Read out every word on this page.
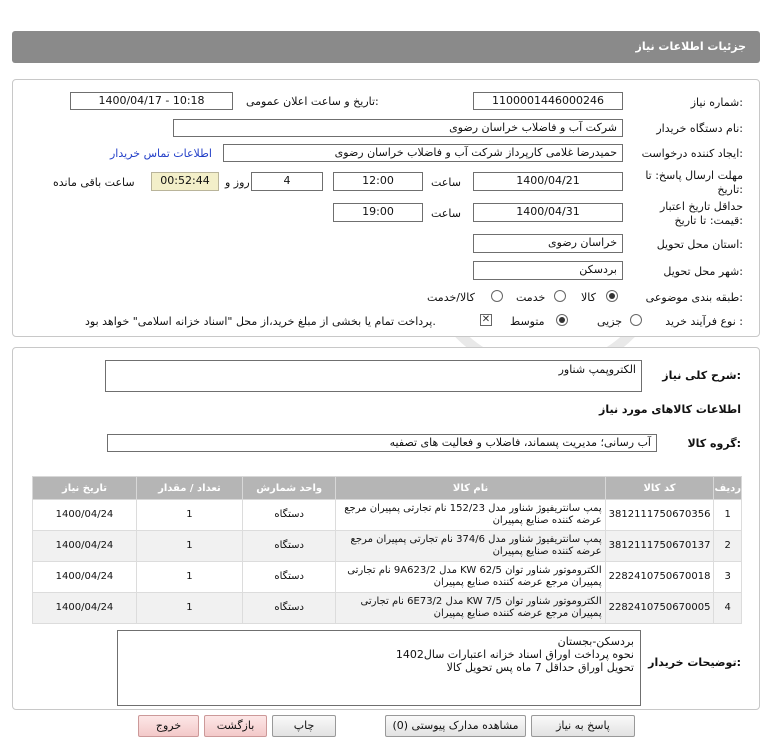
جزئیات اطلاعات نیاز
شماره نیاز:
1100001446000246
تاریخ و ساعت اعلان عمومی:
1400/04/17 - 10:18
نام دستگاه خریدار:
شرکت آب و فاضلاب خراسان رضوی
ایجاد کننده درخواست:
حمیدرضا غلامی کارپرداز شرکت آب و فاضلاب خراسان رضوی
اطلاعات تماس خریدار
مهلت ارسال پاسخ: تا
تاریخ:
1400/04/21
ساعت
12:00
4
روز و
00:52:44
ساعت باقی مانده
حداقل تاریخ اعتبار
قیمت: تا تاریخ:
1400/04/31
ساعت
19:00
استان محل تحویل:
خراسان رضوی
شهر محل تحویل:
بردسکن
طبقه بندی موضوعی:
کالا
خدمت
کالا/خدمت
نوع فرآیند خرید :
جزیی
متوسط
✕
پرداخت تمام یا بخشی از مبلغ خرید،از محل "اسناد خزانه اسلامی" خواهد بود.
شرح کلی نیاز:
الکتروپمپ شناور
اطلاعات کالاهای مورد نیاز
گروه کالا:
آب رسانی؛ مدیریت پسماند، فاضلاب و فعالیت های تصفیه
ردیف	کد کالا	نام کالا	واحد شمارش	تعداد / مقدار	تاریخ نیاز
1	3812111750670356	پمپ سانتریفیوژ شناور مدل 152/23 نام تجارتی پمپیران مرجع عرضه کننده صنایع پمپیران	دستگاه	1	1400/04/24
2	3812111750670137	پمپ سانتریفیوژ شناور مدل 374/6 نام تجارتی پمپیران مرجع عرضه کننده صنایع پمپیران	دستگاه	1	1400/04/24
3	2282410750670018	الکتروموتور شناور توان KW 62/5 مدل 9A623/2 نام تجارتی پمپیران مرجع عرضه کننده صنایع پمپیران	دستگاه	1	1400/04/24
4	2282410750670005	الکتروموتور شناور توان KW 7/5 مدل 6E73/2 نام تجارتی پمپیران مرجع عرضه کننده صنایع پمپیران	دستگاه	1	1400/04/24
توضیحات خریدار:
بردسکن-بجستان
نحوه پرداخت اوراق اسناد خزانه اعتبارات سال1402
تحویل اوراق حداقل 7 ماه پس تحویل کالا
پاسخ به نیاز
مشاهده مدارک پیوستی (0)
چاپ
بازگشت
خروج
